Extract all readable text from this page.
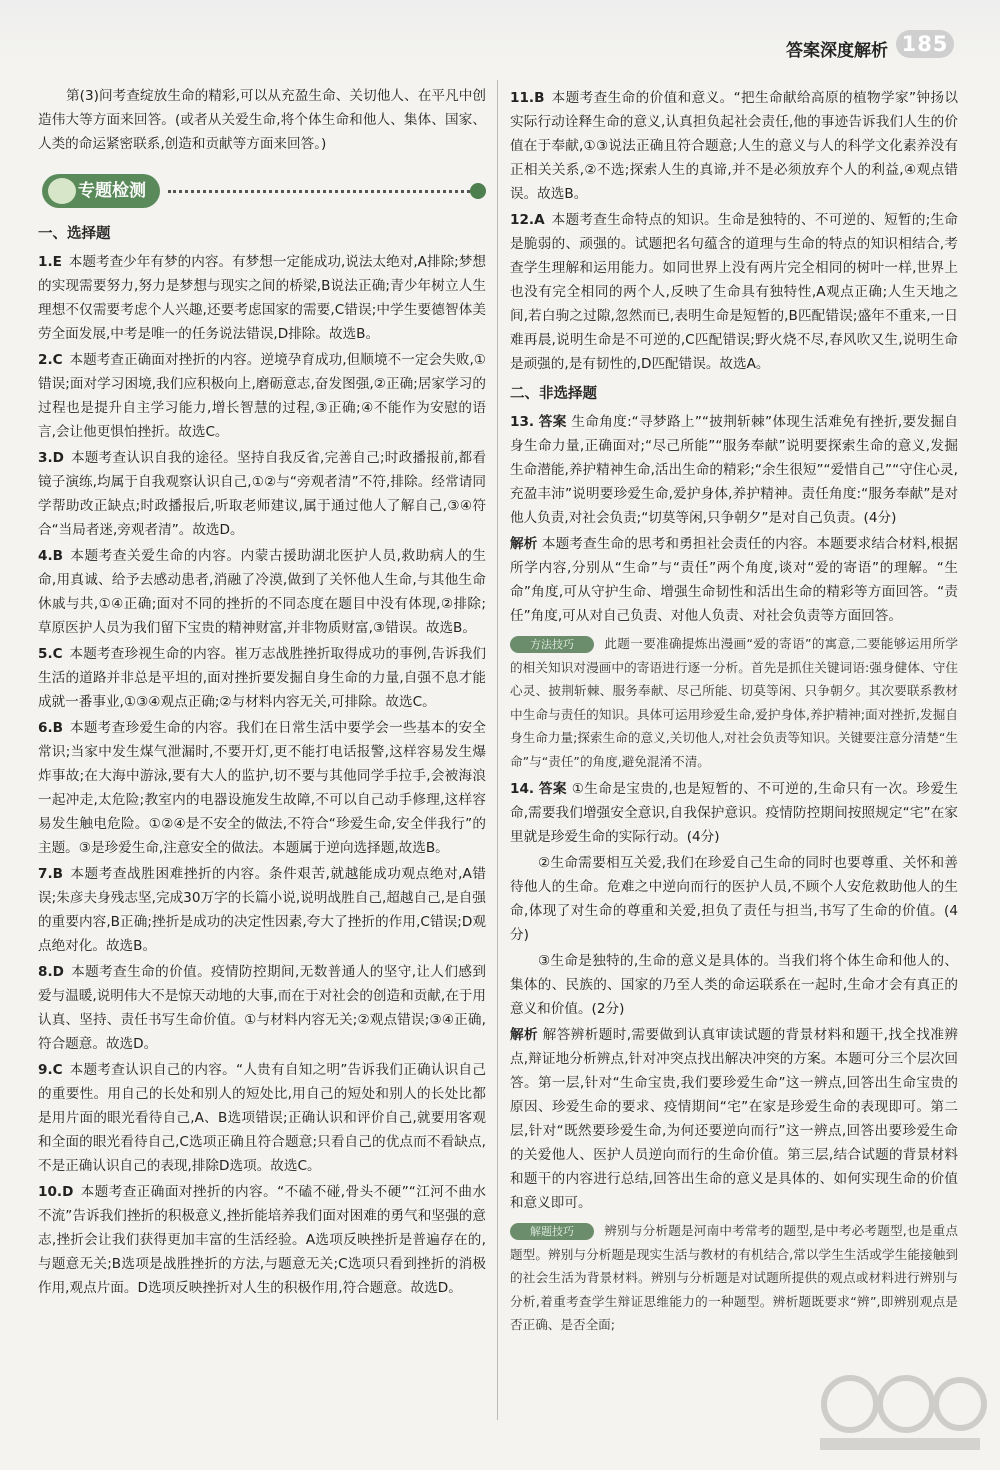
答案深度解析 185

第(3)问考查绽放生命的精彩,可以从充盈生命、关切他人、在平凡中创造伟大等方面来回答。(或者从关爱生命,将个体生命和他人、集体、国家、人类的命运紧密联系,创造和贡献等方面来回答。)

专题检测
一、选择题

1.E  本题考查少年有梦的内容。有梦想一定能成功,说法太绝对,A排除;梦想的实现需要努力,努力是梦想与现实之间的桥梁,B说法正确;青少年树立人生理想不仅需要考虑个人兴趣,还要考虑国家的需要,C错误;中学生要德智体美劳全面发展,中考是唯一的任务说法错误,D排除。故选B。

2.C  本题考查正确面对挫折的内容。逆境孕育成功,但顺境不一定会失败,①错误;面对学习困境,我们应积极向上,磨砺意志,奋发图强,②正确;居家学习的过程也是提升自主学习能力,增长智慧的过程,③正确;④不能作为安慰的语言,会让他更惧怕挫折。故选C。

3.D  本题考查认识自我的途径。坚持自我反省,完善自己;时政播报前,都看镜子演练,均属于自我观察认识自己,①②与“旁观者清”不符,排除。经常请同学帮助改正缺点;时政播报后,听取老师建议,属于通过他人了解自己,③④符合“当局者迷,旁观者清”。故选D。

4.B  本题考查关爱生命的内容。内蒙古援助湖北医护人员,救助病人的生命,用真诚、给予去感动患者,消融了冷漠,做到了关怀他人生命,与其他生命休戚与共,①④正确;面对不同的挫折的不同态度在题目中没有体现,②排除;草原医护人员为我们留下宝贵的精神财富,并非物质财富,③错误。故选B。

5.C  本题考查珍视生命的内容。崔万志战胜挫折取得成功的事例,告诉我们生活的道路并非总是平坦的,面对挫折要发掘自身生命的力量,自强不息才能成就一番事业,①③④观点正确;②与材料内容无关,可排除。故选C。

6.B  本题考查珍爱生命的内容。我们在日常生活中要学会一些基本的安全常识;当家中发生煤气泄漏时,不要开灯,更不能打电话报警,这样容易发生爆炸事故;在大海中游泳,要有大人的监护,切不要与其他同学手拉手,会被海浪一起冲走,太危险;教室内的电器设施发生故障,不可以自己动手修理,这样容易发生触电危险。①②④是不安全的做法,不符合“珍爱生命,安全伴我行”的主题。③是珍爱生命,注意安全的做法。本题属于逆向选择题,故选B。

7.B  本题考查战胜困难挫折的内容。条件艰苦,就越能成功观点绝对,A错误;朱彦夫身残志坚,完成30万字的长篇小说,说明战胜自己,超越自己,是自强的重要内容,B正确;挫折是成功的决定性因素,夸大了挫折的作用,C错误;D观点绝对化。故选B。

8.D  本题考查生命的价值。疫情防控期间,无数普通人的坚守,让人们感到爱与温暖,说明伟大不是惊天动地的大事,而在于对社会的创造和贡献,在于用认真、坚持、责任书写生命价值。①与材料内容无关;②观点错误;③④正确,符合题意。故选D。

9.C  本题考查认识自己的内容。“人贵有自知之明”告诉我们正确认识自己的重要性。用自己的长处和别人的短处比,用自己的短处和别人的长处比都是用片面的眼光看待自己,A、B选项错误;正确认识和评价自己,就要用客观和全面的眼光看待自己,C选项正确且符合题意;只看自己的优点而不看缺点,不是正确认识自己的表现,排除D选项。故选C。

10.D  本题考查正确面对挫折的内容。“不磕不碰,骨头不硬”“江河不曲水不流”告诉我们挫折的积极意义,挫折能培养我们面对困难的勇气和坚强的意志,挫折会让我们获得更加丰富的生活经验。A选项反映挫折是普遍存在的,与题意无关;B选项是战胜挫折的方法,与题意无关;C选项只看到挫折的消极作用,观点片面。D选项反映挫折对人生的积极作用,符合题意。故选D。

11.B  本题考查生命的价值和意义。“把生命献给高原的植物学家”钟扬以实际行动诠释生命的意义,认真担负起社会责任,他的事迹告诉我们人生的价值在于奉献,①③说法正确且符合题意;人生的意义与人的科学文化素养没有正相关关系,②不选;探索人生的真谛,并不是必须放弃个人的利益,④观点错误。故选B。

12.A  本题考查生命特点的知识。生命是独特的、不可逆的、短暂的;生命是脆弱的、顽强的。试题把名句蕴含的道理与生命的特点的知识相结合,考查学生理解和运用能力。如同世界上没有两片完全相同的树叶一样,世界上也没有完全相同的两个人,反映了生命具有独特性,A观点正确;人生天地之间,若白驹之过隙,忽然而已,表明生命是短暂的,B匹配错误;盛年不重来,一日难再晨,说明生命是不可逆的,C匹配错误;野火烧不尽,春风吹又生,说明生命是顽强的,是有韧性的,D匹配错误。故选A。

二、非选择题

13. 答案 生命角度:“寻梦路上”“披荆斩棘”体现生活难免有挫折,要发掘自身生命力量,正确面对;“尽己所能”“服务奉献”说明要探索生命的意义,发掘生命潜能,养护精神生命,活出生命的精彩;“余生很短”“爱惜自己”“守住心灵,充盈丰沛”说明要珍爱生命,爱护身体,养护精神。责任角度:“服务奉献”是对他人负责,对社会负责;“切莫等闲,只争朝夕”是对自己负责。(4分)

解析 本题考查生命的思考和勇担社会责任的内容。本题要求结合材料,根据所学内容,分别从“生命”与“责任”两个角度,谈对“爱的寄语”的理解。“生命”角度,可从守护生命、增强生命韧性和活出生命的精彩等方面回答。“责任”角度,可从对自己负责、对他人负责、对社会负责等方面回答。

方法技巧 此题一要准确提炼出漫画“爱的寄语”的寓意,二要能够运用所学的相关知识对漫画中的寄语进行逐一分析。首先是抓住关键词语:强身健体、守住心灵、披荆斩棘、服务奉献、尽己所能、切莫等闲、只争朝夕。其次要联系教材中生命与责任的知识。具体可运用珍爱生命,爱护身体,养护精神;面对挫折,发掘自身生命力量;探索生命的意义,关切他人,对社会负责等知识。关键要注意分清楚“生命”与“责任”的角度,避免混淆不清。

14. 答案 ①生命是宝贵的,也是短暂的、不可逆的,生命只有一次。珍爱生命,需要我们增强安全意识,自我保护意识。疫情防控期间按照规定“宅”在家里就是珍爱生命的实际行动。(4分)

②生命需要相互关爱,我们在珍爱自己生命的同时也要尊重、关怀和善待他人的生命。危难之中逆向而行的医护人员,不顾个人安危救助他人的生命,体现了对生命的尊重和关爱,担负了责任与担当,书写了生命的价值。(4分)

③生命是独特的,生命的意义是具体的。当我们将个体生命和他人的、集体的、民族的、国家的乃至人类的命运联系在一起时,生命才会有真正的意义和价值。(2分)

解析 解答辨析题时,需要做到认真审读试题的背景材料和题干,找全找准辨点,辩证地分析辨点,针对冲突点找出解决冲突的方案。本题可分三个层次回答。第一层,针对“生命宝贵,我们要珍爱生命”这一辨点,回答出生命宝贵的原因、珍爱生命的要求、疫情期间“宅”在家是珍爱生命的表现即可。第二层,针对“既然要珍爱生命,为何还要逆向而行”这一辨点,回答出要珍爱生命的关爱他人、医护人员逆向而行的生命价值。第三层,结合试题的背景材料和题干的内容进行总结,回答出生命的意义是具体的、如何实现生命的价值和意义即可。

解题技巧 辨别与分析题是河南中考常考的题型,是中考必考题型,也是重点题型。辨别与分析题是现实生活与教材的有机结合,常以学生生活或学生能接触到的社会生活为背景材料。辨别与分析题是对试题所提供的观点或材料进行辨别与分析,着重考查学生辩证思维能力的一种题型。辨析题既要求“辨”,即辨别观点是否正确、是否全面;
